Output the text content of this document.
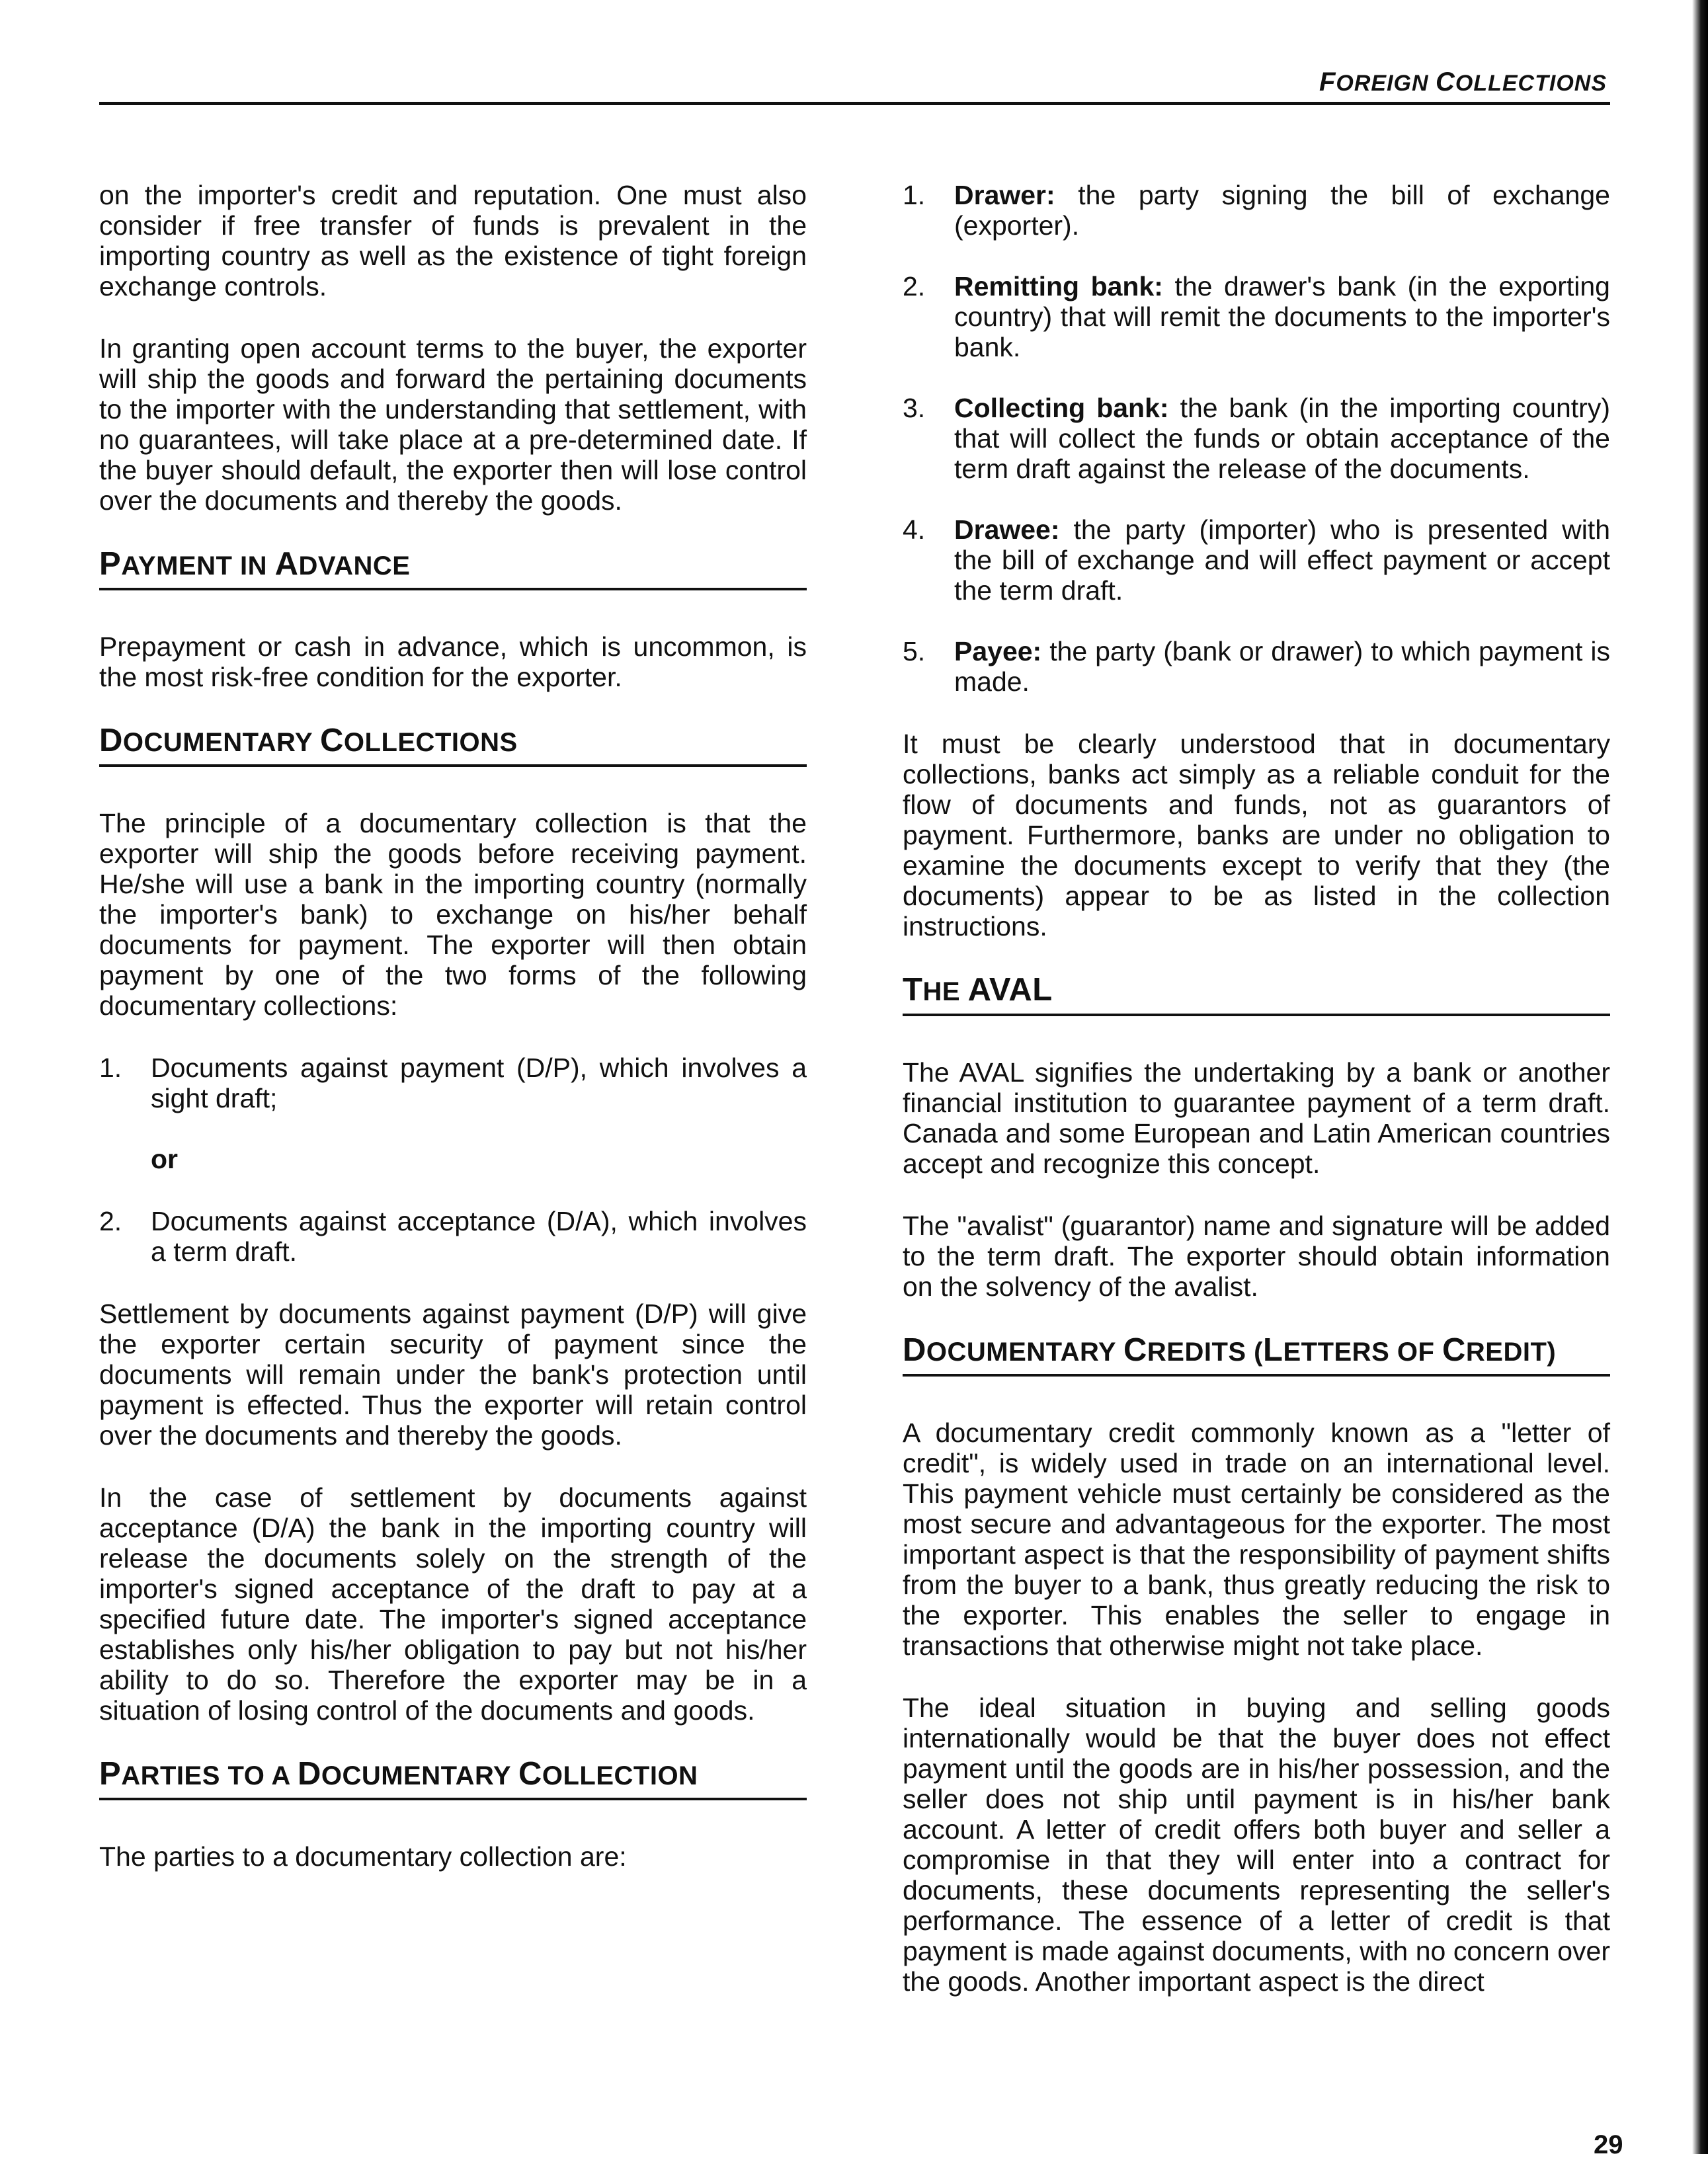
FOREIGN COLLECTIONS

on the importer's credit and reputation. One must also consider if free transfer of funds is prevalent in the importing country as well as the existence of tight foreign exchange controls.

In granting open account terms to the buyer, the exporter will ship the goods and forward the pertaining documents to the importer with the understanding that settlement, with no guarantees, will take place at a pre-determined date. If the buyer should default, the exporter then will lose control over the documents and thereby the goods.

PAYMENT IN ADVANCE

Prepayment or cash in advance, which is uncommon, is the most risk-free condition for the exporter.

DOCUMENTARY COLLECTIONS

The principle of a documentary collection is that the exporter will ship the goods before receiving payment. He/she will use a bank in the importing country (normally the importer's bank) to exchange on his/her behalf documents for payment. The exporter will then obtain payment by one of the two forms of the following documentary collections:

1.	Documents against payment (D/P), which involves a sight draft;
or
2.	Documents against acceptance (D/A), which involves a term draft.

Settlement by documents against payment (D/P) will give the exporter certain security of payment since the documents will remain under the bank's protection until payment is effected. Thus the exporter will retain control over the documents and thereby the goods.

In the case of settlement by documents against acceptance (D/A) the bank in the importing country will release the documents solely on the strength of the importer's signed acceptance of the draft to pay at a specified future date. The importer's signed acceptance establishes only his/her obligation to pay but not his/her ability to do so. Therefore the exporter may be in a situation of losing control of the documents and goods.

PARTIES TO A DOCUMENTARY COLLECTION

The parties to a documentary collection are:

1.	Drawer: the party signing the bill of exchange (exporter).
2.	Remitting bank: the drawer's bank (in the exporting country) that will remit the documents to the importer's bank.
3.	Collecting bank: the bank (in the importing country) that will collect the funds or obtain acceptance of the term draft against the release of the documents.
4.	Drawee: the party (importer) who is presented with the bill of exchange and will effect payment or accept the term draft.
5.	Payee: the party (bank or drawer) to which payment is made.

It must be clearly understood that in documentary collections, banks act simply as a reliable conduit for the flow of documents and funds, not as guarantors of payment. Furthermore, banks are under no obligation to examine the documents except to verify that they (the documents) appear to be as listed in the collection instructions.

THE AVAL

The AVAL signifies the undertaking by a bank or another financial institution to guarantee payment of a term draft. Canada and some European and Latin American countries accept and recognize this concept.

The "avalist" (guarantor) name and signature will be added to the term draft. The exporter should obtain information on the solvency of the avalist.

DOCUMENTARY CREDITS (LETTERS OF CREDIT)

A documentary credit commonly known as a "letter of credit", is widely used in trade on an international level. This payment vehicle must certainly be considered as the most secure and advantageous for the exporter. The most important aspect is that the responsibility of payment shifts from the buyer to a bank, thus greatly reducing the risk to the exporter. This enables the seller to engage in transactions that otherwise might not take place.

The ideal situation in buying and selling goods internationally would be that the buyer does not effect payment until the goods are in his/her possession, and the seller does not ship until payment is in his/her bank account. A letter of credit offers both buyer and seller a compromise in that they will enter into a contract for documents, these documents representing the seller's performance. The essence of a letter of credit is that payment is made against documents, with no concern over the goods. Another important aspect is the direct

29
